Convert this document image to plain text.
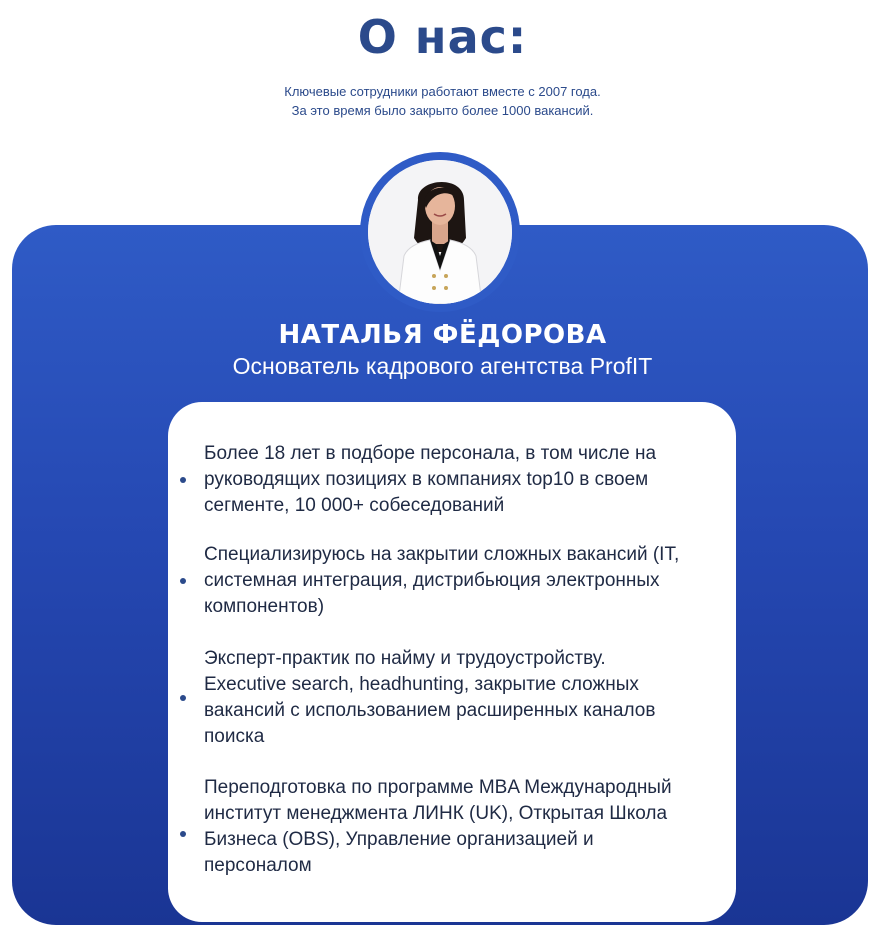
О нас:
Ключевые сотрудники работают вместе с 2007 года.
За это время было закрыто более 1000 вакансий.
НАТАЛЬЯ ФЁДОРОВА
Основатель кадрового агентства ProfIT
Более 18 лет в подборе персонала, в том числе на
руководящих позициях в компаниях top10 в своем
сегменте, 10 000+ собеседований
Специализируюсь на закрытии сложных вакансий (IT,
системная интеграция, дистрибьюция электронных
компонентов)
Эксперт-практик по найму и трудоустройству.
Executive search, headhunting, закрытие сложных
вакансий с использованием расширенных каналов
поиска
Переподготовка по программе MBA Международный
институт менеджмента ЛИНК (UK), Открытая Школа
Бизнеса (OBS), Управление организацией и
персоналом
